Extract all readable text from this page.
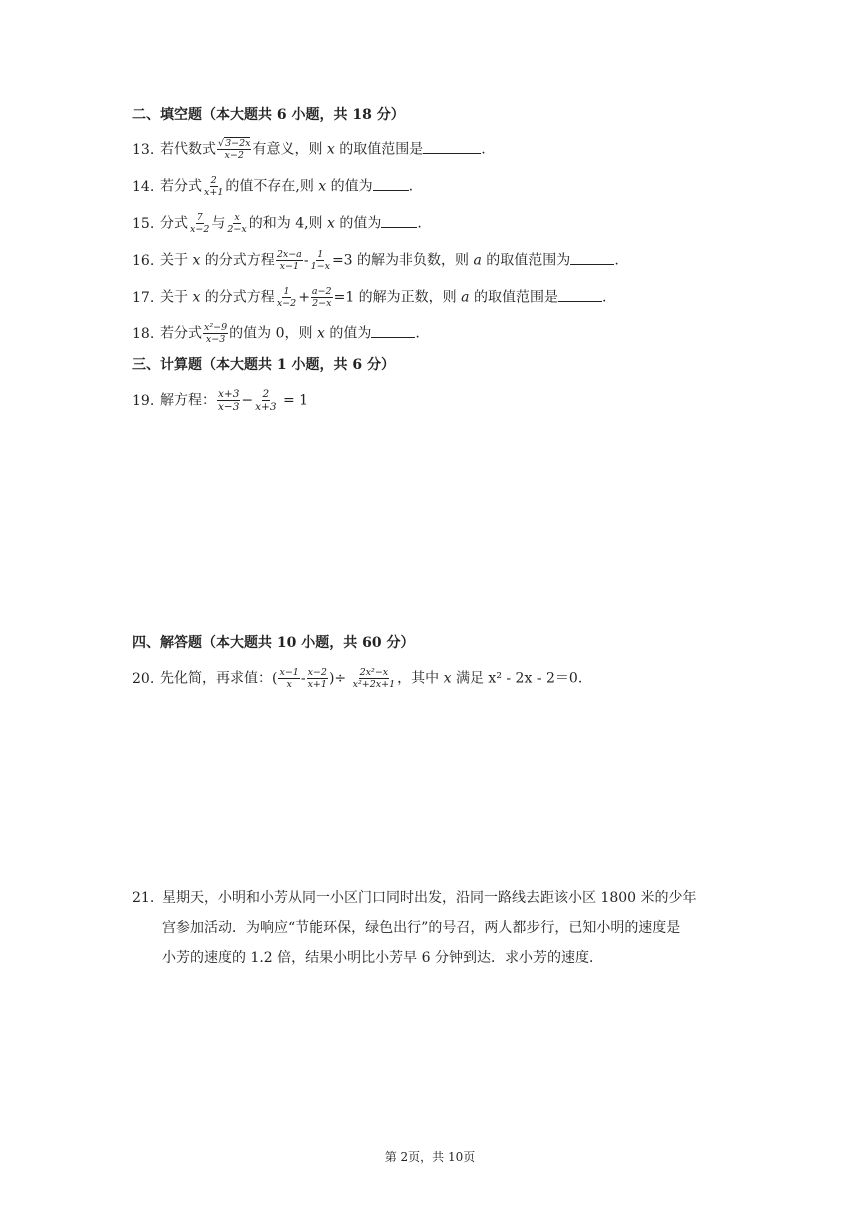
二、填空题（本大题共 6 小题，共 18 分）
13. 若代数式 $\frac{√3-2x}{x-2}$ 有意义，则 x 的取值范围是	.
14. 若分式 $\frac{2}{x+1}$ 的值不存在,则 x 的值为	.
15. 分式 $\frac{7}{x-2}$ 与 $\frac{x}{2-x}$ 的和为 4,则 x 的值为	.
16. 关于 x 的分式方程 $\frac{2x-a}{x-1} - \frac{1}{1-x} =3$ 的解为非负数，则 a 的取值范围为	.
17. 关于 x 的分式方程 $\frac{1}{x-2} + \frac{a-2}{2-x} =1$ 的解为正数，则 a 的取值范围是	.
18. 若分式 $\frac{\text{x²−9}}{x-3}$ 的值为 0，则 x 的值为	.
三、计算题（本大题共 1 小题，共 6 分）
19. 解方程： $\frac{x+3}{x-3} - \frac{2}{x+3} = 1$
四、解答题（本大题共 10 小题，共 60 分）
20. 先化简，再求值：( $\frac{x-1}{x} - \frac{x-2}{x+1}$ )÷ $\frac{\text{2x²−x}}{\text{x²+2x+1}}$ ，其中 x 满足 x² - 2x - 2＝0.
21. 星期天，小明和小芳从同一小区门口同时出发，沿同一路线去距该小区 1800 米的少年
宫参加活动．为响应“节能环保，绿色出行”的号召，两人都步行，已知小明的速度是
小芳的速度的 1.2 倍，结果小明比小芳早 6 分钟到达．求小芳的速度．
第 2页，共 10页
